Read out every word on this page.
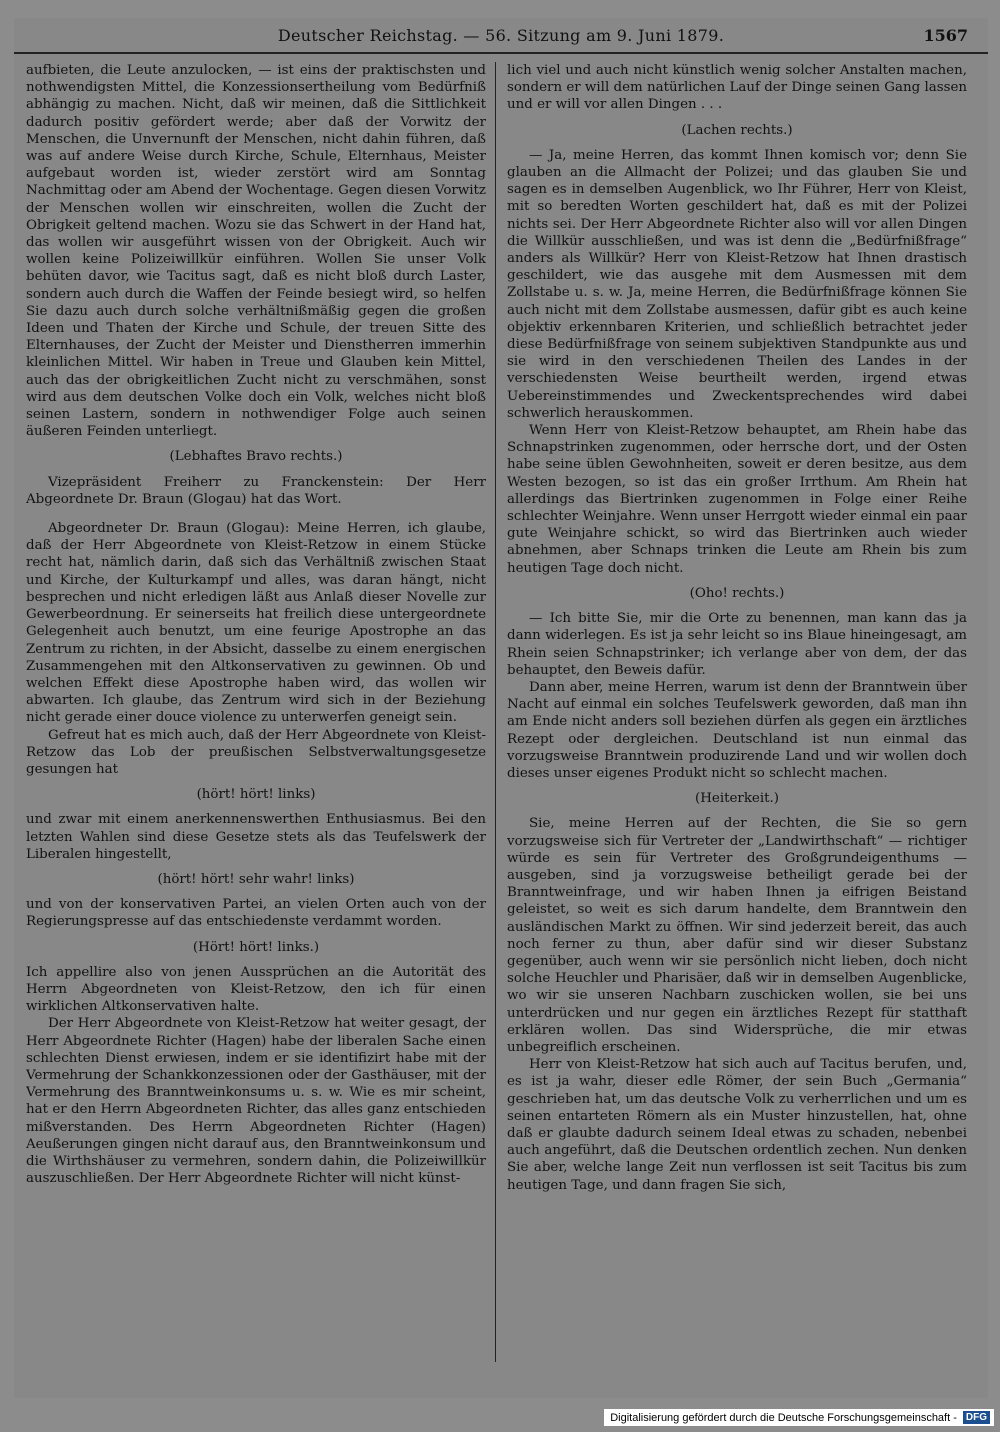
Deutscher Reichstag. — 56. Sitzung am 9. Juni 1879.	1567

aufbieten, die Leute anzulocken, — ist eins der praktischsten und nothwendigsten Mittel, die Konzessionsertheilung vom Bedürfniß abhängig zu machen. Nicht, daß wir meinen, daß die Sittlichkeit dadurch positiv gefördert werde; aber daß der Vorwitz der Menschen, die Unvernunft der Menschen, nicht dahin führen, daß was auf andere Weise durch Kirche, Schule, Elternhaus, Meister aufgebaut worden ist, wieder zerstört wird am Sonntag Nachmittag oder am Abend der Wochentage. Gegen diesen Vorwitz der Menschen wollen wir einschreiten, wollen die Zucht der Obrigkeit geltend machen. Wozu sie das Schwert in der Hand hat, das wollen wir ausgeführt wissen von der Obrigkeit. Auch wir wollen keine Polizeiwillkür einführen. Wollen Sie unser Volk behüten davor, wie Tacitus sagt, daß es nicht bloß durch Laster, sondern auch durch die Waffen der Feinde besiegt wird, so helfen Sie dazu auch durch solche verhältnißmäßig gegen die großen Ideen und Thaten der Kirche und Schule, der treuen Sitte des Elternhauses, der Zucht der Meister und Dienstherren immerhin kleinlichen Mittel. Wir haben in Treue und Glauben kein Mittel, auch das der obrigkeitlichen Zucht nicht zu verschmähen, sonst wird aus dem deutschen Volke doch ein Volk, welches nicht bloß seinen Lastern, sondern in nothwendiger Folge auch seinen äußeren Feinden unterliegt.

(Lebhaftes Bravo rechts.)

Vizepräsident Freiherr zu Franckenstein: Der Herr Abgeordnete Dr. Braun (Glogau) hat das Wort.

Abgeordneter Dr. Braun (Glogau): Meine Herren, ich glaube, daß der Herr Abgeordnete von Kleist-Retzow in einem Stücke recht hat, nämlich darin, daß sich das Verhältniß zwischen Staat und Kirche, der Kulturkampf und alles, was daran hängt, nicht besprechen und nicht erledigen läßt aus Anlaß dieser Novelle zur Gewerbeordnung. Er seinerseits hat freilich diese untergeordnete Gelegenheit auch benutzt, um eine feurige Apostrophe an das Zentrum zu richten, in der Absicht, dasselbe zu einem energischen Zusammengehen mit den Altkonservativen zu gewinnen. Ob und welchen Effekt diese Apostrophe haben wird, das wollen wir abwarten. Ich glaube, das Zentrum wird sich in der Beziehung nicht gerade einer douce violence zu unterwerfen geneigt sein.

Gefreut hat es mich auch, daß der Herr Abgeordnete von Kleist-Retzow das Lob der preußischen Selbstverwaltungsgesetze gesungen hat

(hört! hört! links)

und zwar mit einem anerkennenswerthen Enthusiasmus. Bei den letzten Wahlen sind diese Gesetze stets als das Teufelswerk der Liberalen hingestellt,

(hört! hört! sehr wahr! links)

und von der konservativen Partei, an vielen Orten auch von der Regierungspresse auf das entschiedenste verdammt worden.

(Hört! hört! links.)

Ich appellire also von jenen Aussprüchen an die Autorität des Herrn Abgeordneten von Kleist-Retzow, den ich für einen wirklichen Altkonservativen halte.

Der Herr Abgeordnete von Kleist-Retzow hat weiter gesagt, der Herr Abgeordnete Richter (Hagen) habe der liberalen Sache einen schlechten Dienst erwiesen, indem er sie identifizirt habe mit der Vermehrung der Schankkonzessionen oder der Gasthäuser, mit der Vermehrung des Branntweinkonsums u. s. w. Wie es mir scheint, hat er den Herrn Abgeordneten Richter, das alles ganz entschieden mißverstanden. Des Herrn Abgeordneten Richter (Hagen) Aeußerungen gingen nicht darauf aus, den Branntweinkonsum und die Wirthshäuser zu vermehren, sondern dahin, die Polizeiwillkür auszuschließen. Der Herr Abgeordnete Richter will nicht künst-

lich viel und auch nicht künstlich wenig solcher Anstalten machen, sondern er will dem natürlichen Lauf der Dinge seinen Gang lassen und er will vor allen Dingen . . .

(Lachen rechts.)

— Ja, meine Herren, das kommt Ihnen komisch vor; denn Sie glauben an die Allmacht der Polizei; und das glauben Sie und sagen es in demselben Augenblick, wo Ihr Führer, Herr von Kleist, mit so beredten Worten geschildert hat, daß es mit der Polizei nichts sei. Der Herr Abgeordnete Richter also will vor allen Dingen die Willkür ausschließen, und was ist denn die „Bedürfnißfrage“ anders als Willkür? Herr von Kleist-Retzow hat Ihnen drastisch geschildert, wie das ausgehe mit dem Ausmessen mit dem Zollstabe u. s. w. Ja, meine Herren, die Bedürfnißfrage können Sie auch nicht mit dem Zollstabe ausmessen, dafür gibt es auch keine objektiv erkennbaren Kriterien, und schließlich betrachtet jeder diese Bedürfnißfrage von seinem subjektiven Standpunkte aus und sie wird in den verschiedenen Theilen des Landes in der verschiedensten Weise beurtheilt werden, irgend etwas Uebereinstimmendes und Zweckentsprechendes wird dabei schwerlich herauskommen.

Wenn Herr von Kleist-Retzow behauptet, am Rhein habe das Schnapstrinken zugenommen, oder herrsche dort, und der Osten habe seine üblen Gewohnheiten, soweit er deren besitze, aus dem Westen bezogen, so ist das ein großer Irrthum. Am Rhein hat allerdings das Biertrinken zugenommen in Folge einer Reihe schlechter Weinjahre. Wenn unser Herrgott wieder einmal ein paar gute Weinjahre schickt, so wird das Biertrinken auch wieder abnehmen, aber Schnaps trinken die Leute am Rhein bis zum heutigen Tage doch nicht.

(Oho! rechts.)

— Ich bitte Sie, mir die Orte zu benennen, man kann das ja dann widerlegen. Es ist ja sehr leicht so ins Blaue hineingesagt, am Rhein seien Schnapstrinker; ich verlange aber von dem, der das behauptet, den Beweis dafür.

Dann aber, meine Herren, warum ist denn der Branntwein über Nacht auf einmal ein solches Teufelswerk geworden, daß man ihn am Ende nicht anders soll beziehen dürfen als gegen ein ärztliches Rezept oder dergleichen. Deutschland ist nun einmal das vorzugsweise Branntwein produzirende Land und wir wollen doch dieses unser eigenes Produkt nicht so schlecht machen.

(Heiterkeit.)

Sie, meine Herren auf der Rechten, die Sie so gern vorzugsweise sich für Vertreter der „Landwirthschaft“ — richtiger würde es sein für Vertreter des Großgrundeigenthums — ausgeben, sind ja vorzugsweise betheiligt gerade bei der Branntweinfrage, und wir haben Ihnen ja eifrigen Beistand geleistet, so weit es sich darum handelte, dem Branntwein den ausländischen Markt zu öffnen. Wir sind jederzeit bereit, das auch noch ferner zu thun, aber dafür sind wir dieser Substanz gegenüber, auch wenn wir sie persönlich nicht lieben, doch nicht solche Heuchler und Pharisäer, daß wir in demselben Augenblicke, wo wir sie unseren Nachbarn zuschicken wollen, sie bei uns unterdrücken und nur gegen ein ärztliches Rezept für statthaft erklären wollen. Das sind Widersprüche, die mir etwas unbegreiflich erscheinen.

Herr von Kleist-Retzow hat sich auch auf Tacitus berufen, und, es ist ja wahr, dieser edle Römer, der sein Buch „Germania“ geschrieben hat, um das deutsche Volk zu verherrlichen und um es seinen entarteten Römern als ein Muster hinzustellen, hat, ohne daß er glaubte dadurch seinem Ideal etwas zu schaden, nebenbei auch angeführt, daß die Deutschen ordentlich zechen. Nun denken Sie aber, welche lange Zeit nun verflossen ist seit Tacitus bis zum heutigen Tage, und dann fragen Sie sich,

Digitalisierung gefördert durch die Deutsche Forschungsgemeinschaft - DFG
